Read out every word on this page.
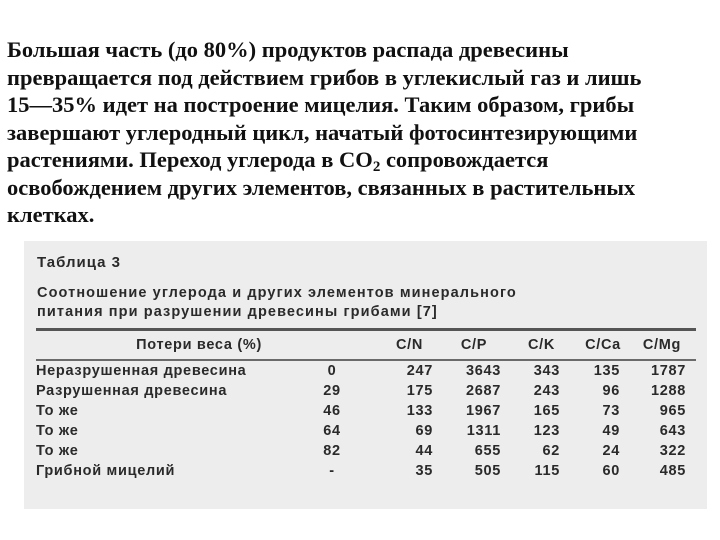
Большая часть (до 80%) продуктов распада древесины
превращается под действием грибов в углекислый газ и лишь
15—35% идет на построение мицелия. Таким образом, грибы
завершают углеродный цикл, начатый фотосинтезирующими
растениями. Переход углерода в $СО_2$ сопровождается
освобождением других элементов, связанных в растительных
клетках.
Таблица 3
Соотношение углерода и других элементов минерального
питания при разрушении древесины грибами [7]
Потери веса (%)		C/N	C/P	C/K	C/Ca	C/Mg
Неразрушенная древесина	0	247	3643	343	135	1787
Разрушенная древесина	29	175	2687	243	96	1288
То же	46	133	1967	165	73	965
То же	64	69	1311	123	49	643
То же	82	44	655	62	24	322
Грибной мицелий	-	35	505	115	60	485
